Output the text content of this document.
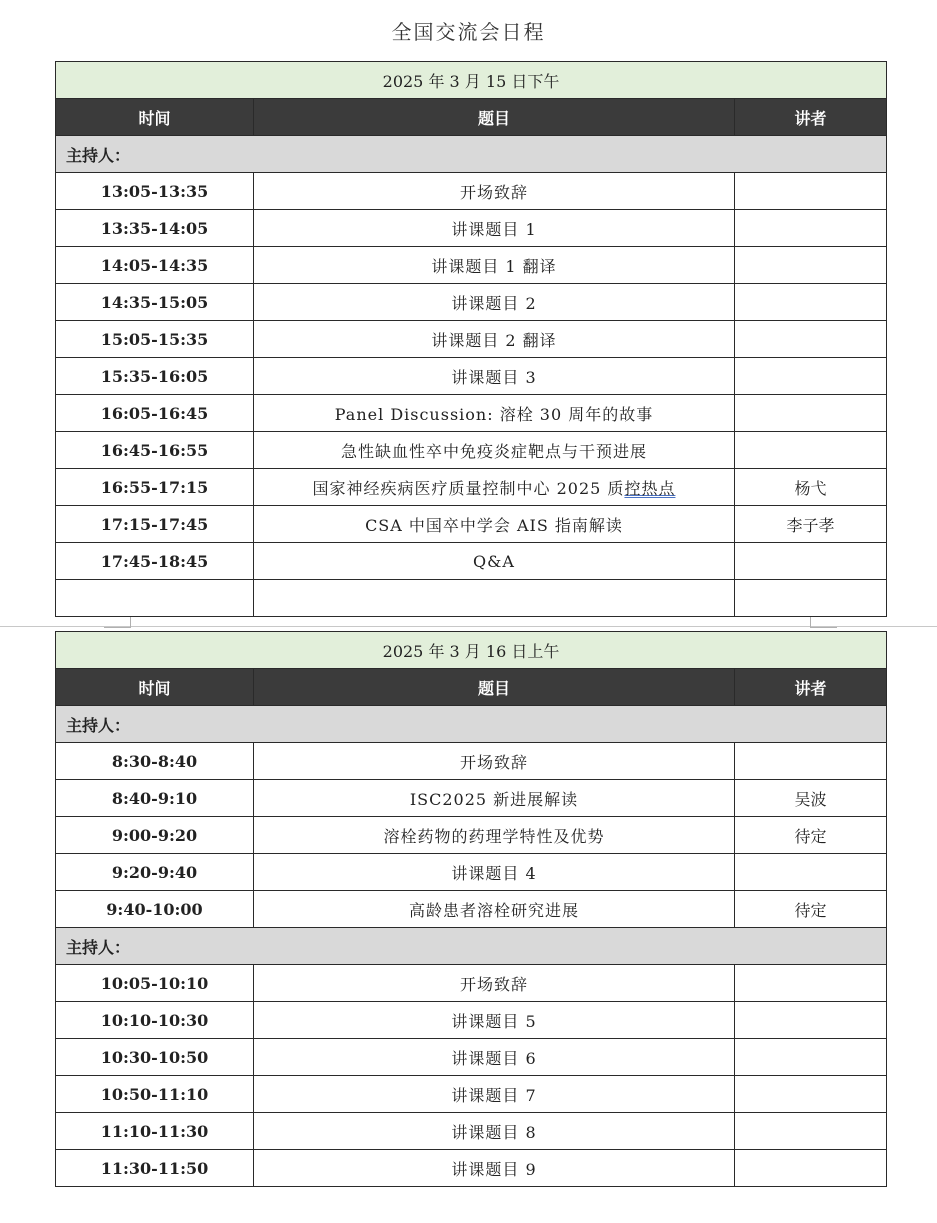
全国交流会日程
2025 年 3 月 15 日下午		
时间	题目	讲者
主持人：		
13:05-13:35	开场致辞	
13:35-14:05	讲课题目 1	
14:05-14:35	讲课题目 1 翻译	
14:35-15:05	讲课题目 2	
15:05-15:35	讲课题目 2 翻译	
15:35-16:05	讲课题目 3	
16:05-16:45	Panel Discussion: 溶栓 30 周年的故事	
16:45-16:55	急性缺血性卒中免疫炎症靶点与干预进展	
16:55-17:15	国家神经疾病医疗质量控制中心 2025 质控热点	杨弋
17:15-17:45	CSA 中国卒中学会 AIS 指南解读	李子孝
17:45-18:45	Q&A	

2025 年 3 月 16 日上午		
时间	题目	讲者
主持人：		
8:30-8:40	开场致辞	
8:40-9:10	ISC2025 新进展解读	吴波
9:00-9:20	溶栓药物的药理学特性及优势	待定
9:20-9:40	讲课题目 4	
9:40-10:00	高龄患者溶栓研究进展	待定
主持人：		
10:05-10:10	开场致辞	
10:10-10:30	讲课题目 5	
10:30-10:50	讲课题目 6	
10:50-11:10	讲课题目 7	
11:10-11:30	讲课题目 8	
11:30-11:50	讲课题目 9	
